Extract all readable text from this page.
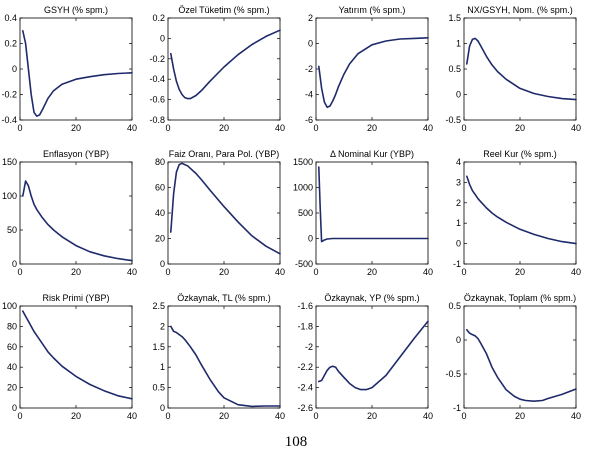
GSYH (% spm.)
-0.4
-0.2
0
0.2
0.4
0	20	40
Özel Tüketim (% spm.)
-0.8
-0.6
-0.4
-0.2
0
0.2
0	20	40
Yatırım (% spm.)
-6
-4
-2
0
2
0	20	40
NX/GSYH, Nom. (% spm.)
-0.5
0
0.5
1
1.5
0	20	40
Enflasyon (YBP)
0
50
100
150
0	20	40
Faiz Oranı, Para Pol. (YBP)
0
20
40
60
80
0	20	40
Δ Nominal Kur (YBP)
-500
0
500
1000
1500
0	20	40
Reel Kur (% spm.)
-1
0
1
2
3
4
0	20	40
Risk Primi (YBP)
0
20
40
60
80
100
0	20	40
Özkaynak, TL (% spm.)
0
0.5
1
1.5
2
2.5
0	20	40
Özkaynak, YP (% spm.)
-2.6
-2.4
-2.2
-2
-1.8
-1.6
0	20	40
Özkaynak, Toplam (% spm.)
-1
-0.5
0
0.5
0	20	40
108
